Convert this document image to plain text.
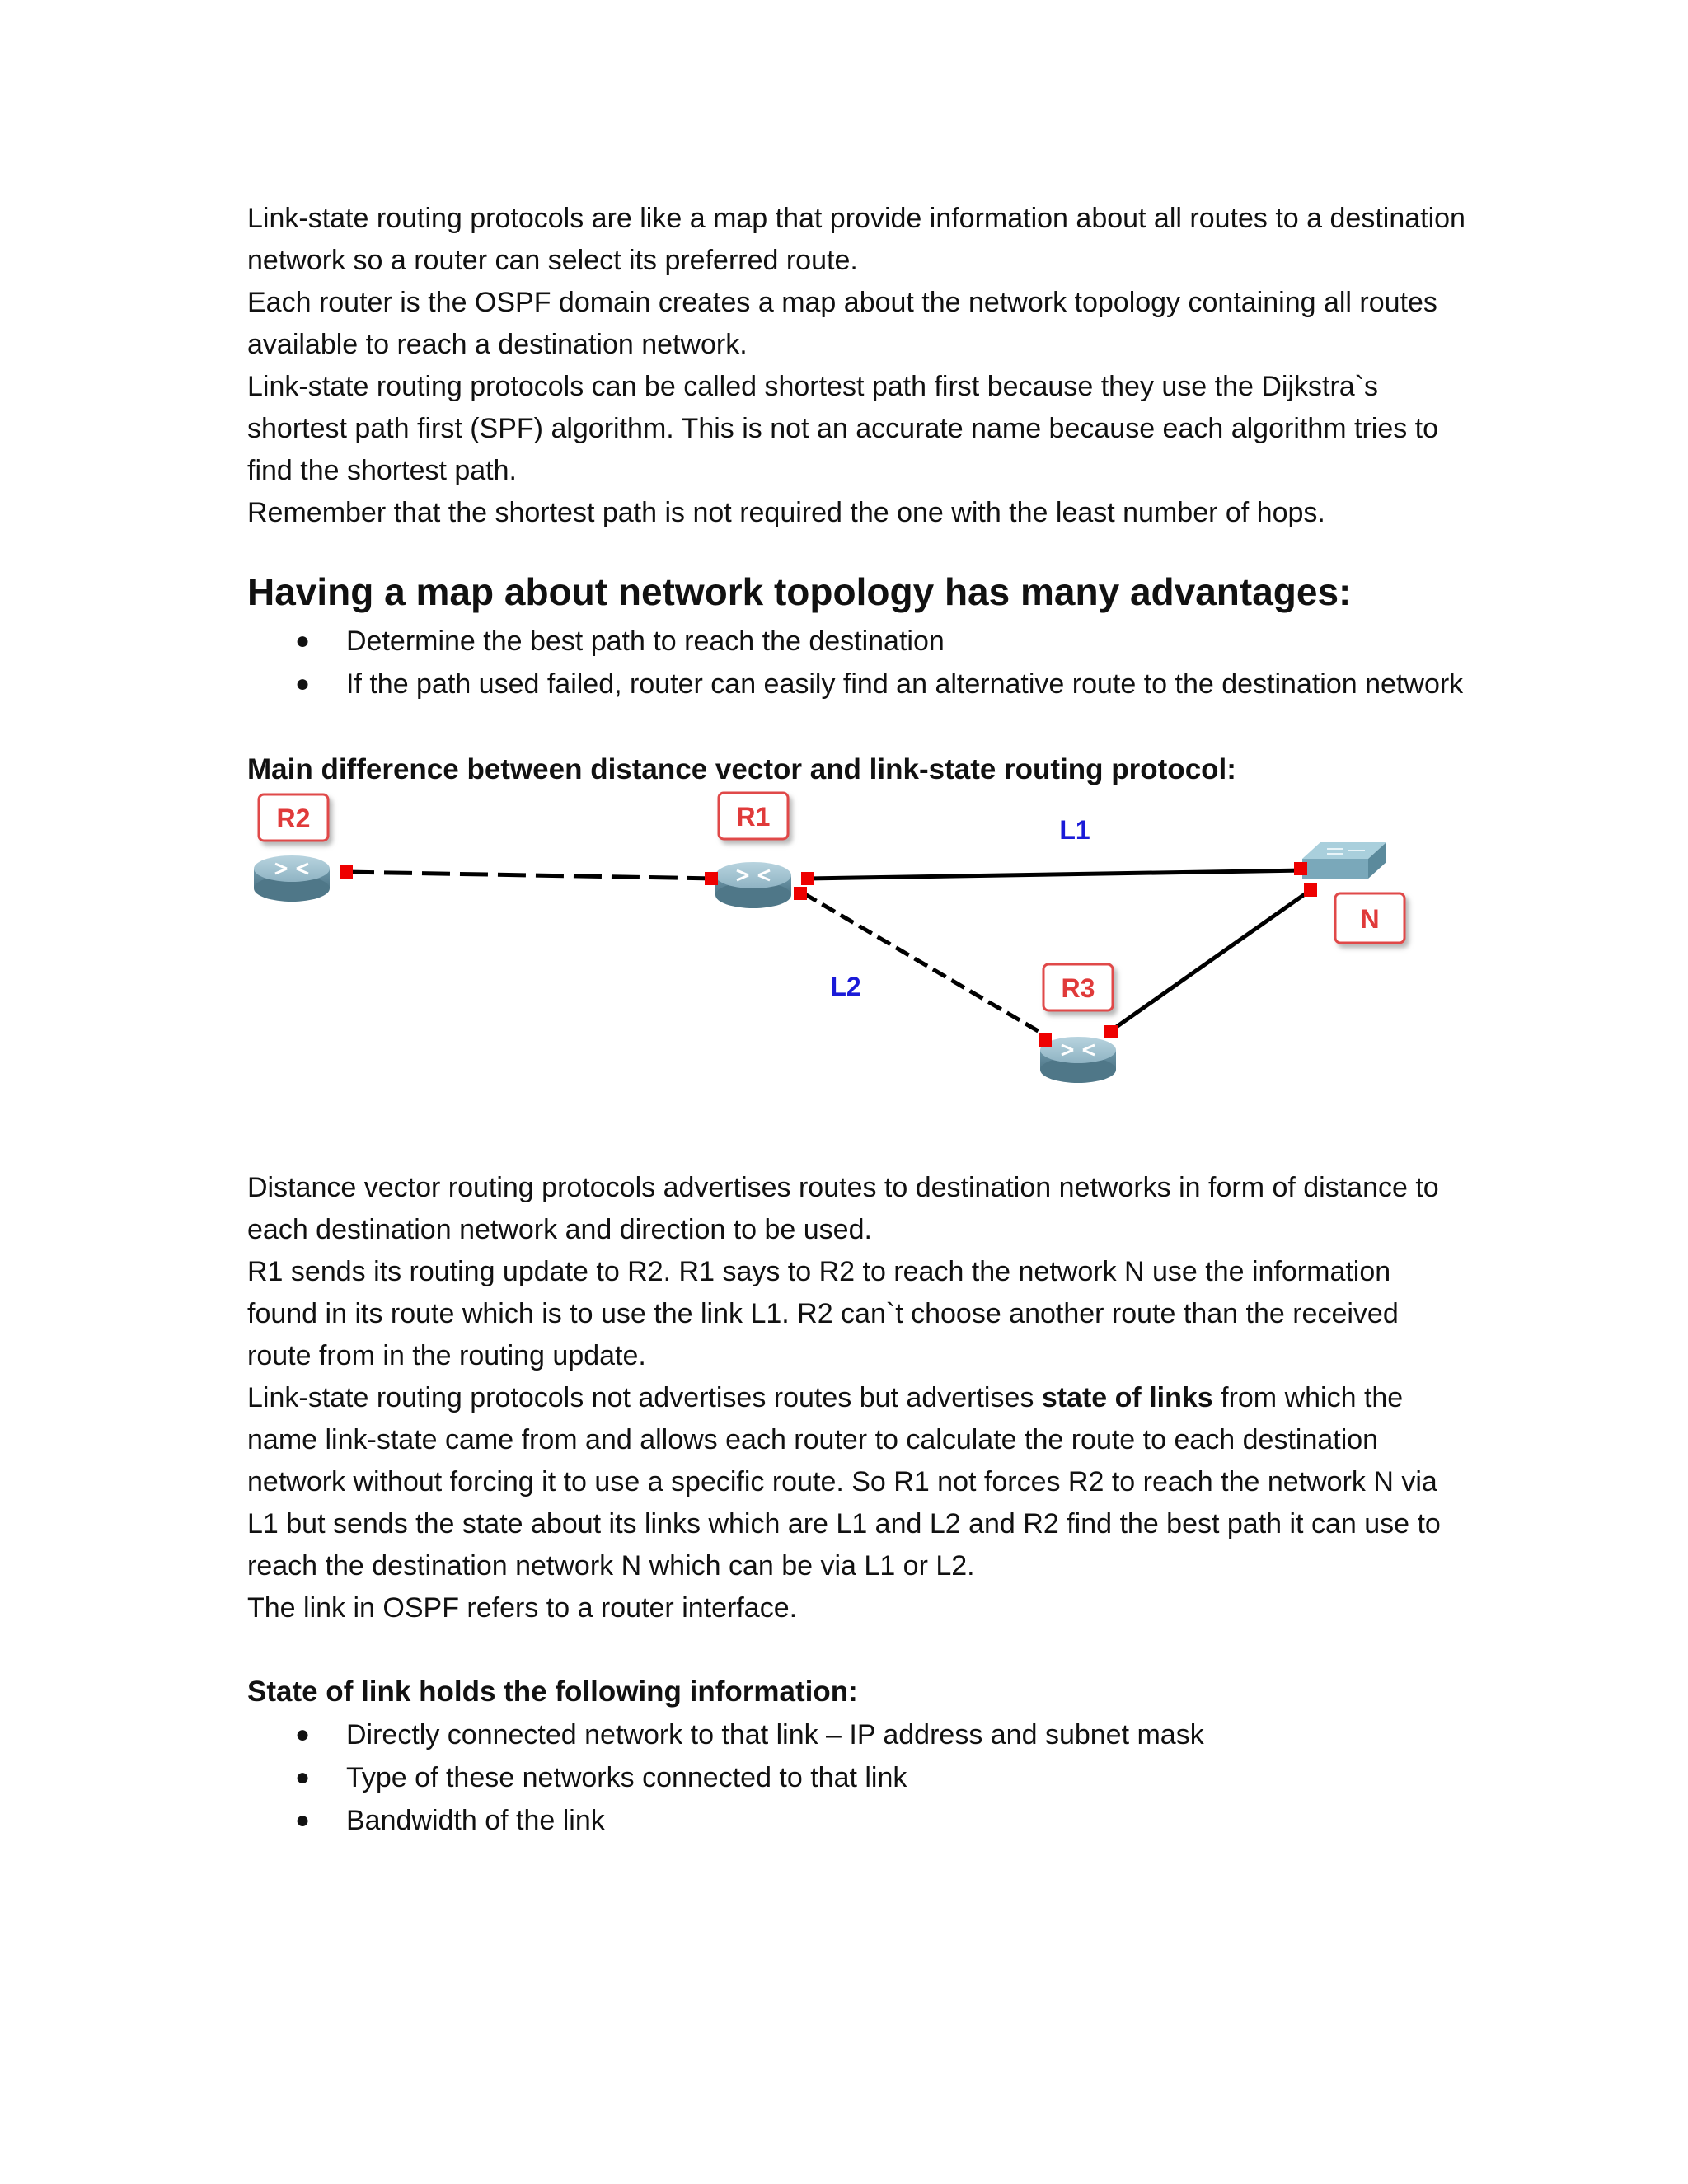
Link-state routing protocols are like a map that provide information about all routes to a destination network so a router can select its preferred route.

Each router is the OSPF domain creates a map about the network topology containing all routes available to reach a destination network.

Link-state routing protocols can be called shortest path first because they use the Dijkstra`s shortest path first (SPF) algorithm. This is not an accurate name because each algorithm tries to find the shortest path.

Remember that the shortest path is not required the one with the least number of hops.

Having a map about network topology has many advantages:
● Determine the best path to reach the destination
● If the path used failed, router can easily find an alternative route to the destination network
Main difference between distance vector and link-state routing protocol:
R2	R1
R3
N
L1
L2

Distance vector routing protocols advertises routes to destination networks in form of distance to each destination network and direction to be used.

R1 sends its routing update to R2. R1 says to R2 to reach the network N use the information found in its route which is to use the link L1. R2 can`t choose another route than the received route from in the routing update.

Link-state routing protocols not advertises routes but advertises state of links from which the name link-state came from and allows each router to calculate the route to each destination network without forcing it to use a specific route. So R1 not forces R2 to reach the network N via L1 but sends the state about its links which are L1 and L2 and R2 find the best path it can use to reach the destination network N which can be via L1 or L2.

The link in OSPF refers to a router interface.

State of link holds the following information:
● Directly connected network to that link – IP address and subnet mask
● Type of these networks connected to that link
● Bandwidth of the link
